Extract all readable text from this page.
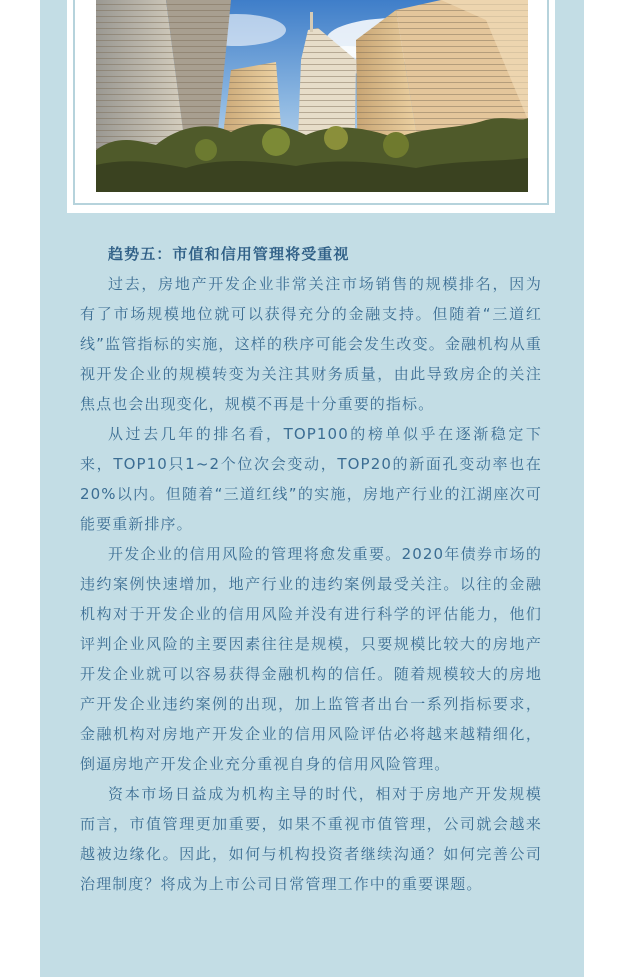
趋势五：市值和信用管理将受重视

过去，房地产开发企业非常关注市场销售的规模排名，因为有了市场规模地位就可以获得充分的金融支持。但随着“三道红线”监管指标的实施，这样的秩序可能会发生改变。金融机构从重视开发企业的规模转变为关注其财务质量，由此导致房企的关注焦点也会出现变化，规模不再是十分重要的指标。

从过去几年的排名看，TOP100的榜单似乎在逐渐稳定下来，TOP10只1~2个位次会变动，TOP20的新面孔变动率也在20%以内。但随着“三道红线”的实施，房地产行业的江湖座次可能要重新排序。

开发企业的信用风险的管理将愈发重要。2020年债券市场的违约案例快速增加，地产行业的违约案例最受关注。以往的金融机构对于开发企业的信用风险并没有进行科学的评估能力，他们评判企业风险的主要因素往往是规模，只要规模比较大的房地产开发企业就可以容易获得金融机构的信任。随着规模较大的房地产开发企业违约案例的出现，加上监管者出台一系列指标要求，金融机构对房地产开发企业的信用风险评估必将越来越精细化，倒逼房地产开发企业充分重视自身的信用风险管理。

资本市场日益成为机构主导的时代，相对于房地产开发规模而言，市值管理更加重要，如果不重视市值管理，公司就会越来越被边缘化。因此，如何与机构投资者继续沟通？如何完善公司治理制度？将成为上市公司日常管理工作中的重要课题。
